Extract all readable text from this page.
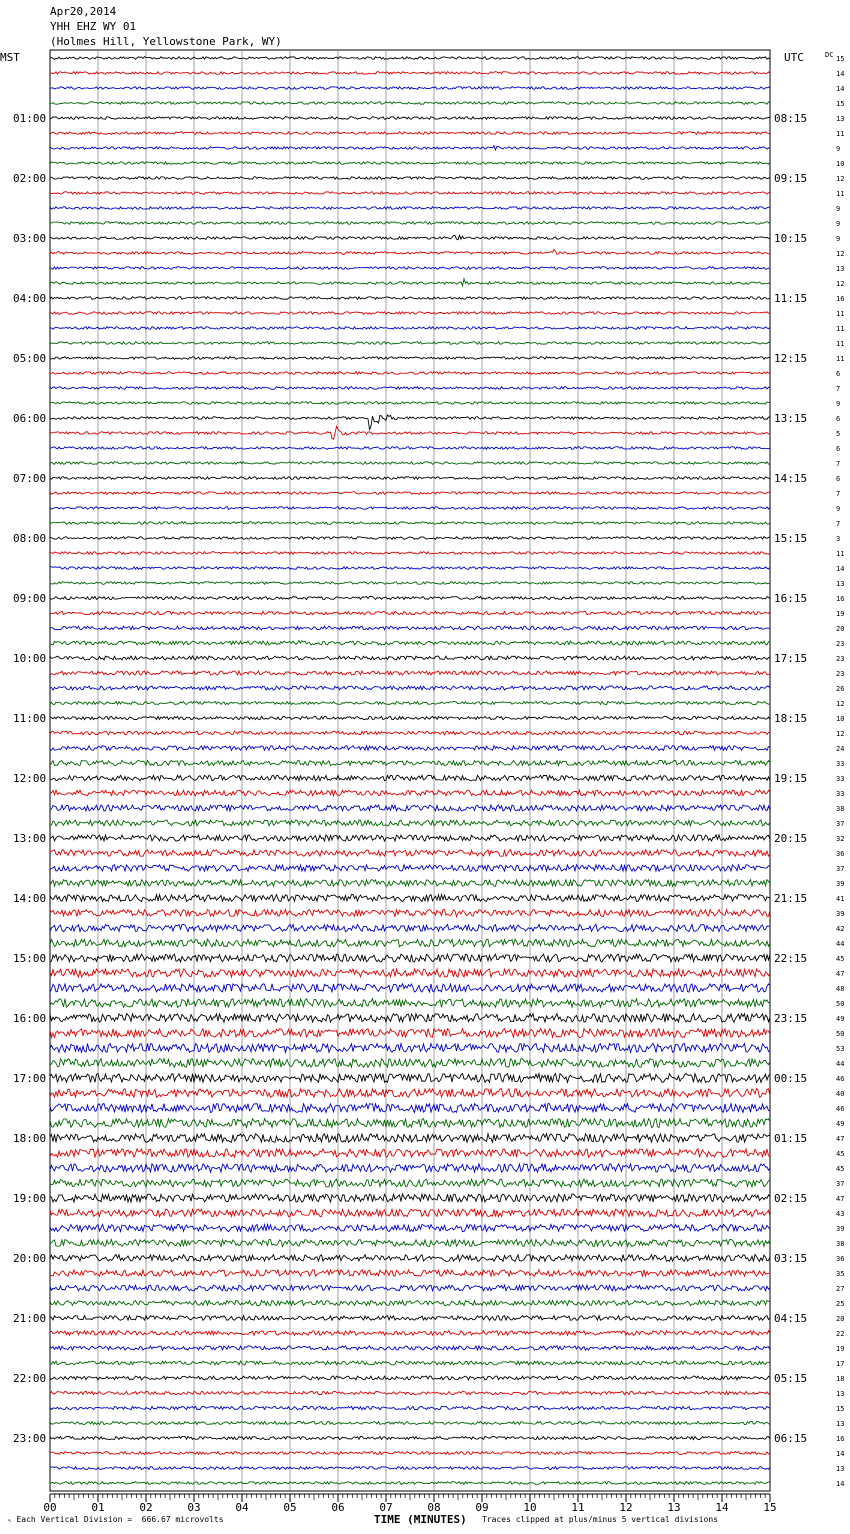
Apr20,2014
YHH EHZ WY 01
(Holmes Hill, Yellowstone Park, WY)
00	01	02	03	04	05	06	07	08	09	10	11	12	13	14	15
MST	UTC	DC 15
14
14
15
13
11
9
10
12
11
9
9
9
12
13
12
16
11
11
11
11
6
7
9
6
5
6
7
6
7
9
7
3
11
14
13
16
19
20
23
23
23
26
12
10
12
24
33
33
33
38
37
32
36
37
39
41
39
42
44
45
47
48
50
49
50
53
44
46
40
46
49
47
45
45
37
47
43
39
38
36
35
27
25
20
22
19
17
18
13
15
13
16
14
13
14
01:00	08:15
02:00	09:15
03:00	10:15
04:00	11:15
05:00	12:15
06:00	13:15
07:00	14:15
08:00	15:15
09:00	16:15
10:00	17:15
11:00	18:15
12:00	19:15
13:00	20:15
14:00	21:15
15:00	22:15
16:00	23:15
17:00	00:15
18:00	01:15
19:00	02:15
20:00	03:15
21:00	04:15
22:00	05:15
23:00	06:15
↖ Each Vertical Division =  666.67 microvolts	TIME (MINUTES) Traces clipped at plus/minus 5 vertical divisions
